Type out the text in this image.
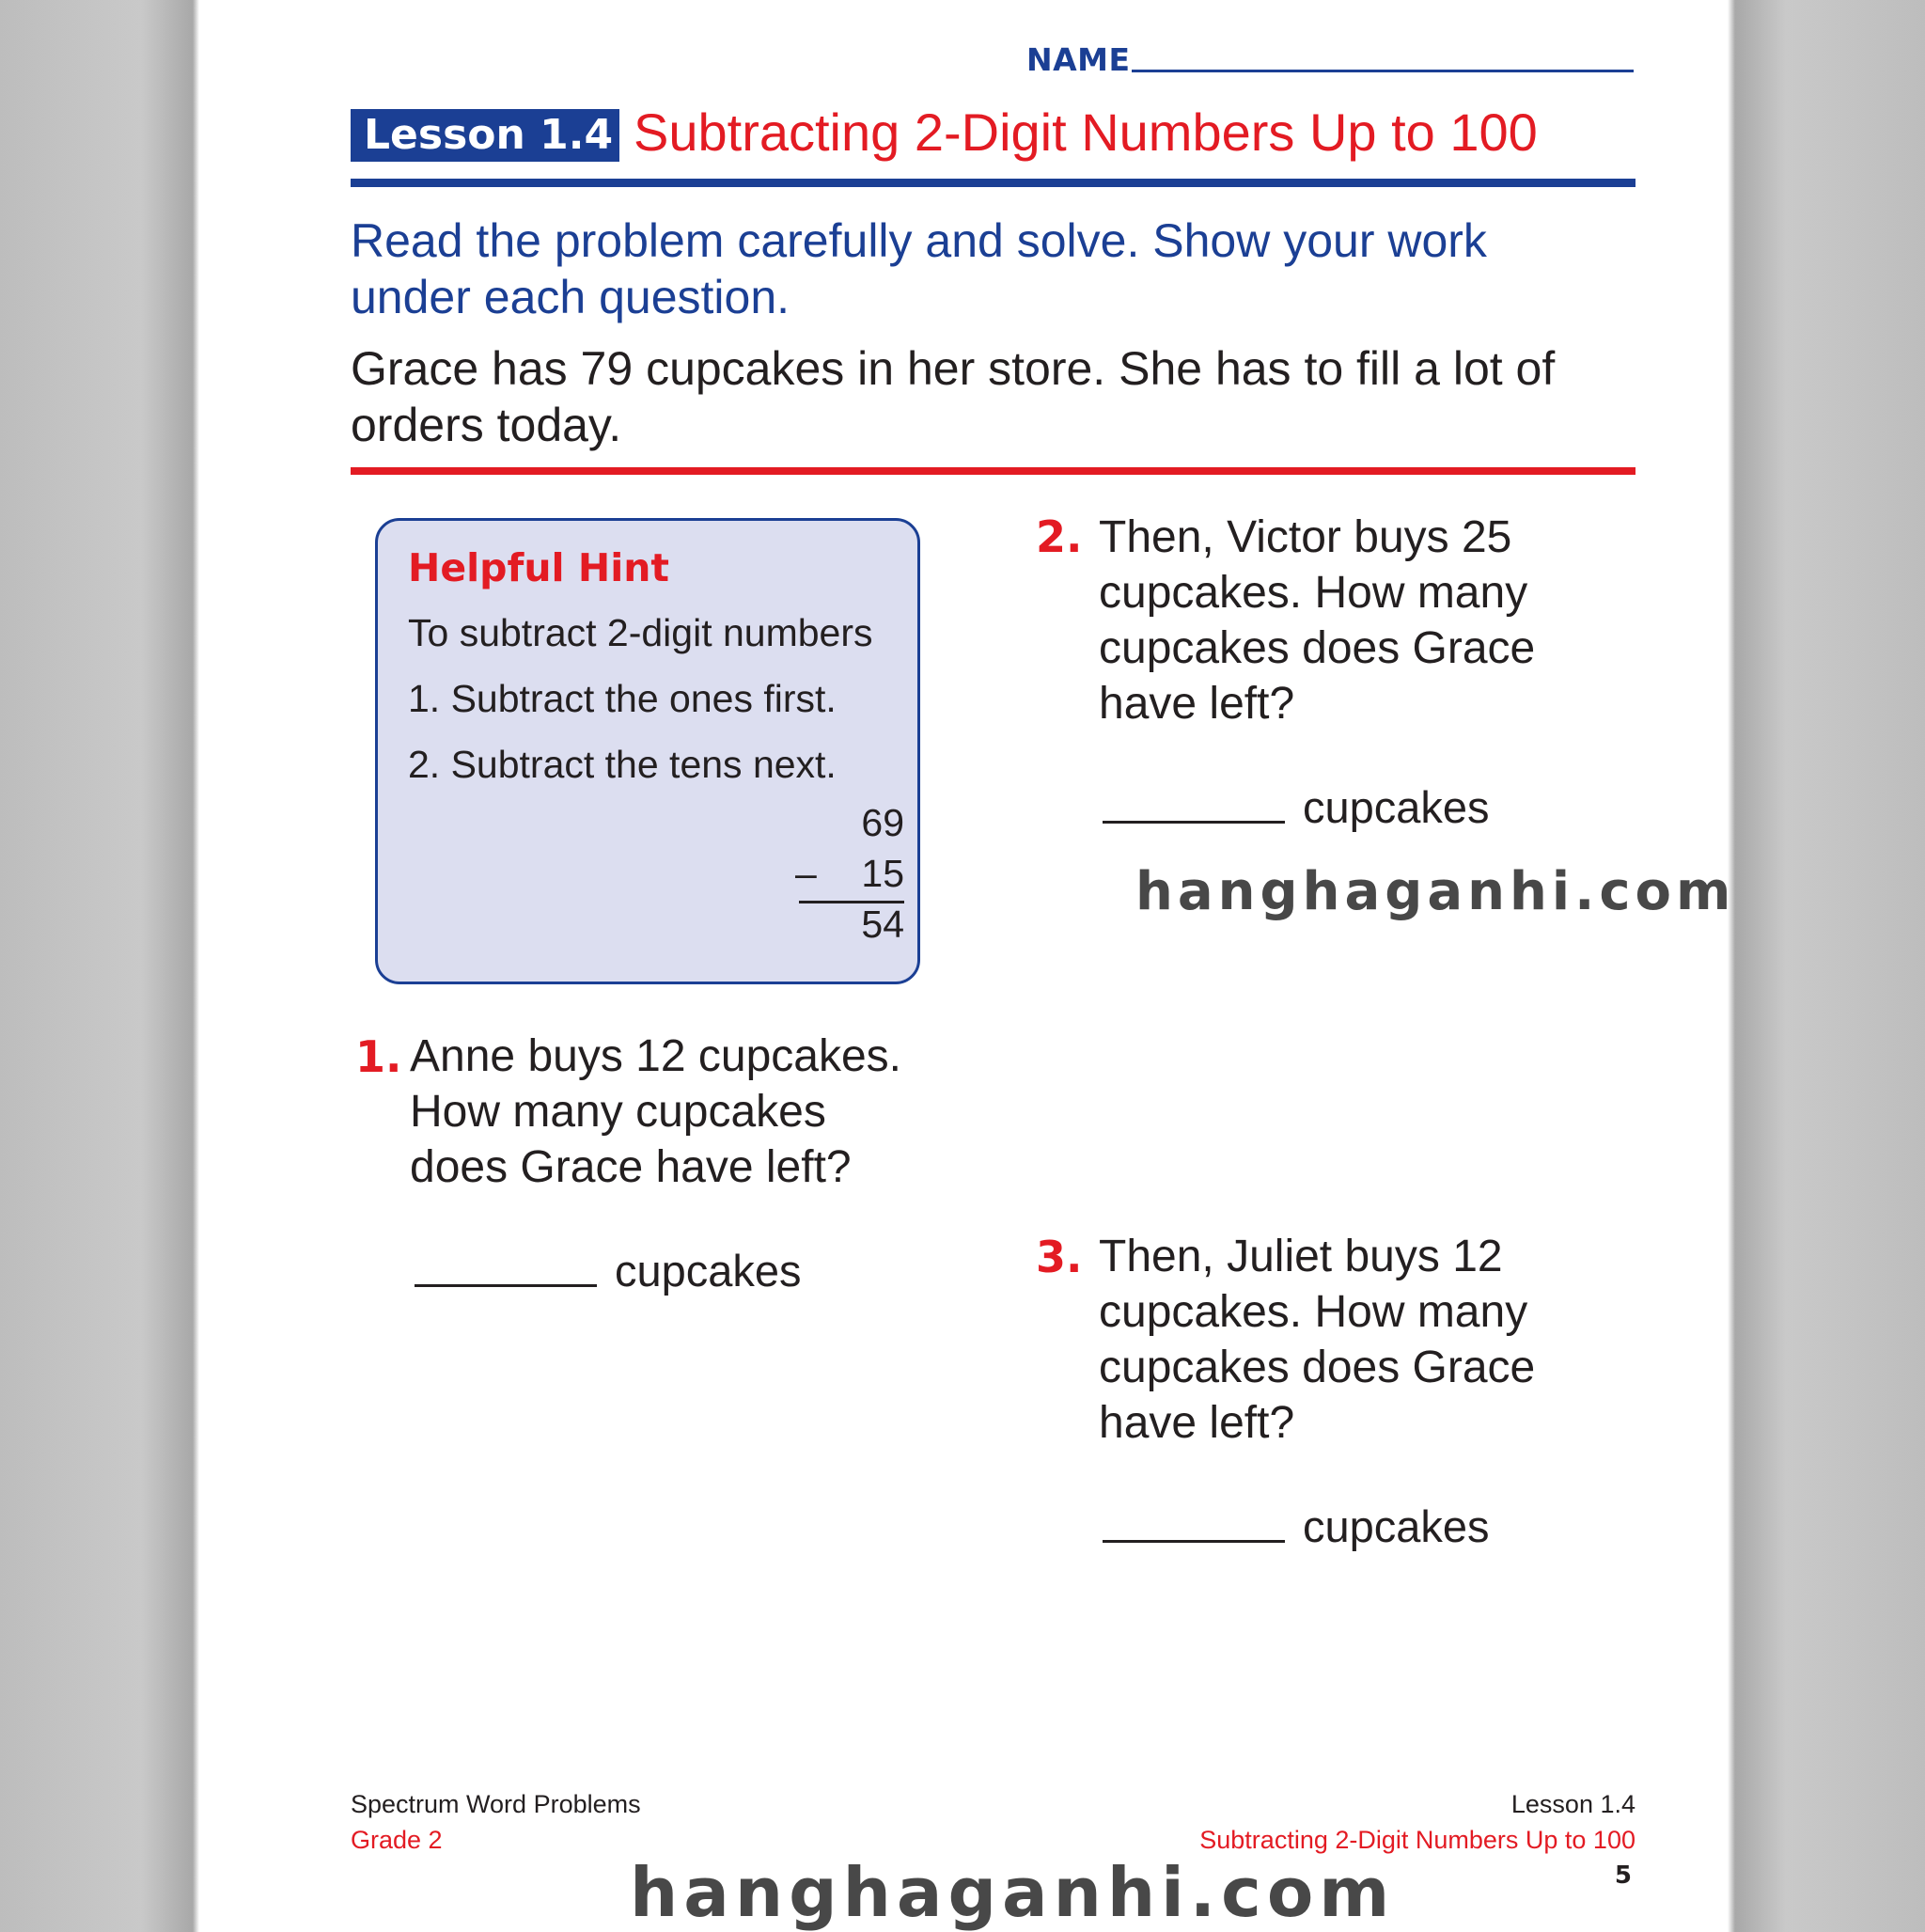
NAME
Lesson 1.4 Subtracting 2-Digit Numbers Up to 100
Read the problem carefully and solve. Show your work under each question.
Grace has 79 cupcakes in her store. She has to fill a lot of orders today.
Helpful Hint
To subtract 2-digit numbers
1. Subtract the ones first.
2. Subtract the tens next.
69
–	15
54
1. Anne buys 12 cupcakes. How many cupcakes does Grace have left?
cupcakes
2. Then, Victor buys 25 cupcakes. How many cupcakes does Grace have left?
cupcakes
3. Then, Juliet buys 12 cupcakes. How many cupcakes does Grace have left?
cupcakes
Spectrum Word Problems
Grade 2
Lesson 1.4
Subtracting 2-Digit Numbers Up to 100
5
hanghaganhi.com
hanghaganhi.com
